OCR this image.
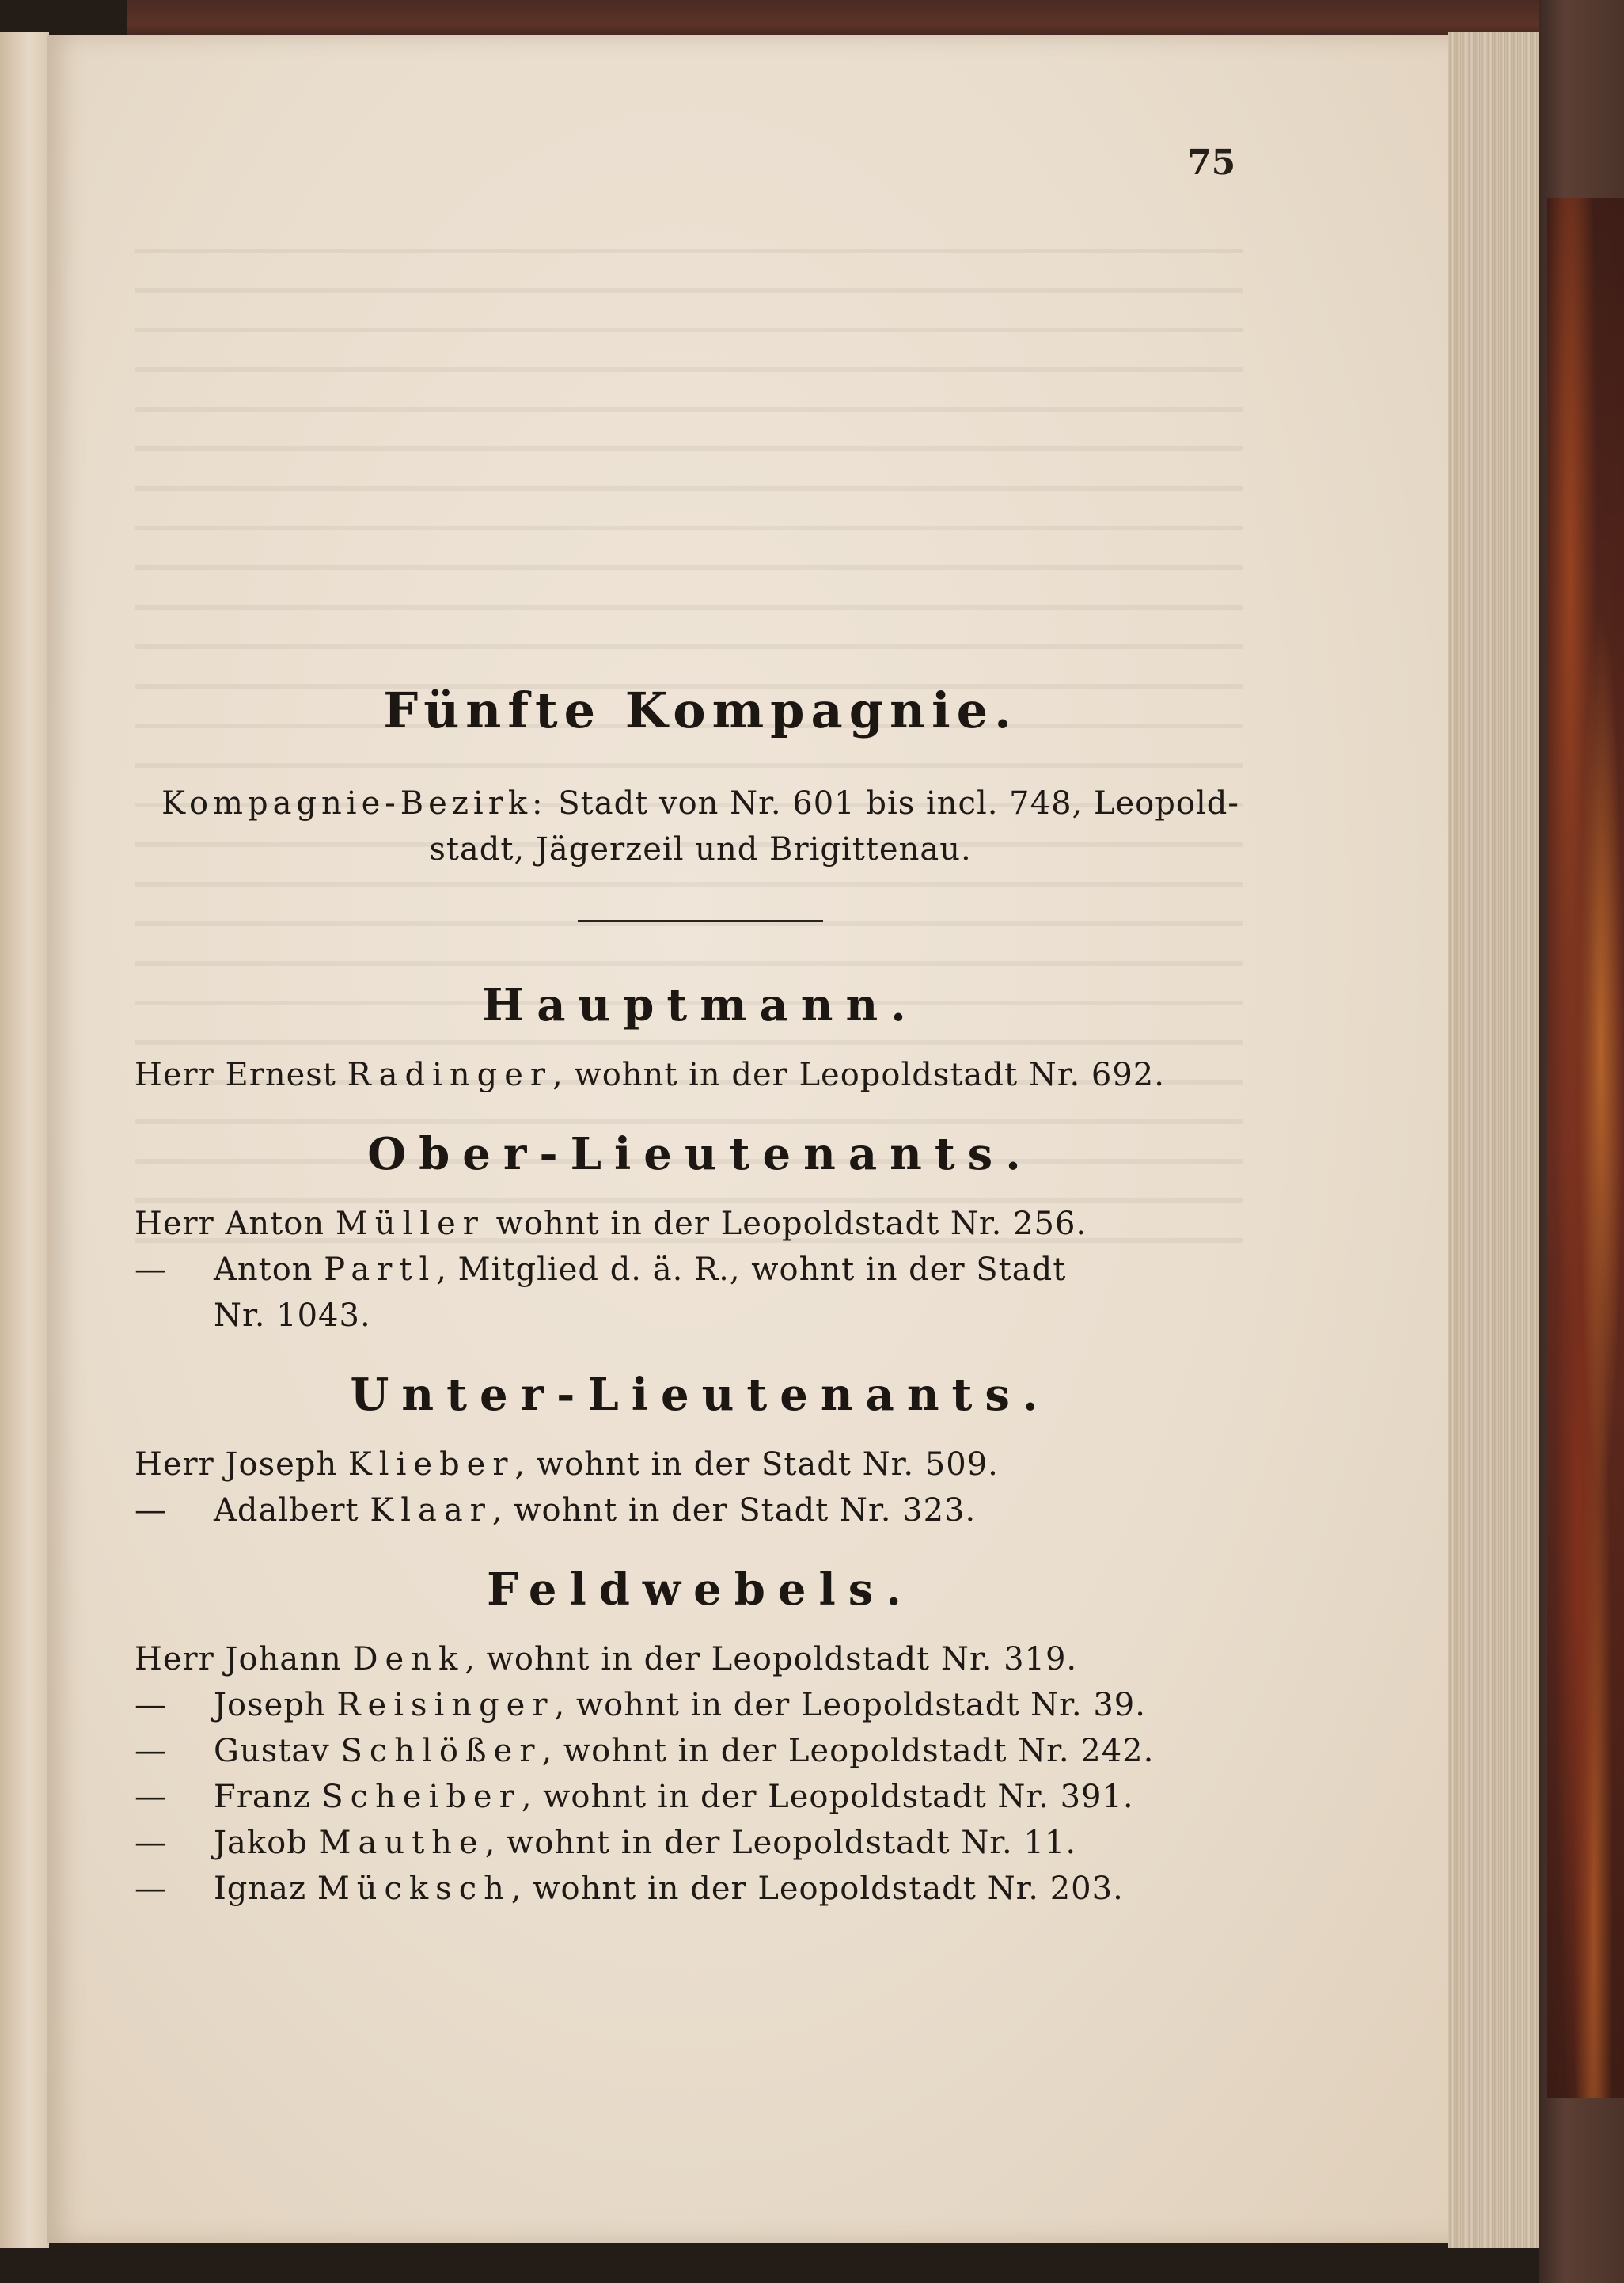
75
Fünfte Kompagnie.
Kompagnie-Bezirk: Stadt von Nr. 601 bis incl. 748, Leopold-
stadt, Jägerzeil und Brigittenau.
Hauptmann.
Herr Ernest Radinger, wohnt in der Leopoldstadt Nr. 692.
Ober-Lieutenants.
Herr Anton Müller wohnt in der Leopoldstadt Nr. 256.
— Anton Partl, Mitglied d. ä. R., wohnt in der Stadt
Nr. 1043.
Unter-Lieutenants.
Herr Joseph Klieber, wohnt in der Stadt Nr. 509.
— Adalbert Klaar, wohnt in der Stadt Nr. 323.
Feldwebels.
Herr Johann Denk, wohnt in der Leopoldstadt Nr. 319.
— Joseph Reisinger, wohnt in der Leopoldstadt Nr. 39.
— Gustav Schlößer, wohnt in der Leopoldstadt Nr. 242.
— Franz Scheiber, wohnt in der Leopoldstadt Nr. 391.
— Jakob Mauthe, wohnt in der Leopoldstadt Nr. 11.
— Ignaz Mücksch, wohnt in der Leopoldstadt Nr. 203.
